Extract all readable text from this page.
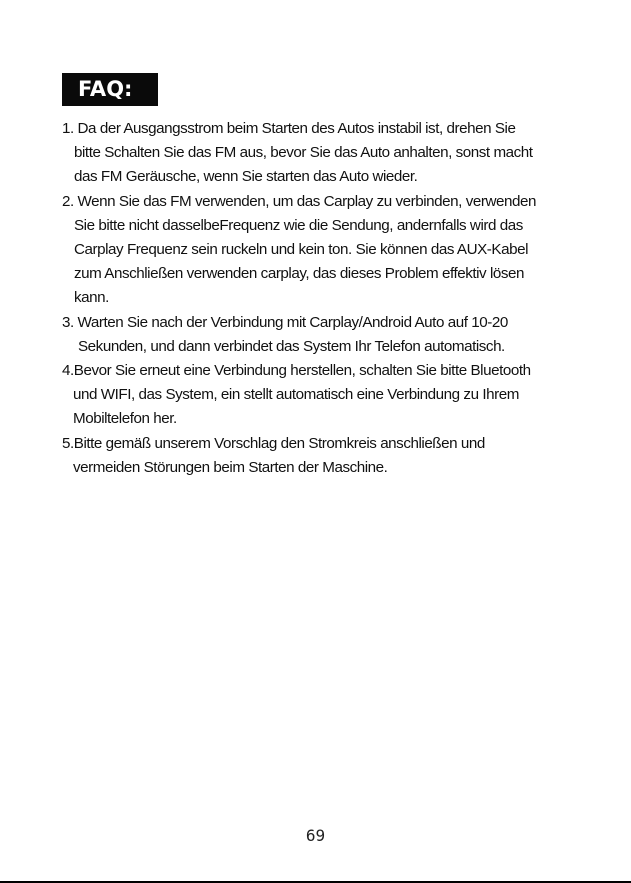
FAQ:
1. Da der Ausgangsstrom beim Starten des Autos instabil ist, drehen Sie
bitte Schalten Sie das FM aus, bevor Sie das Auto anhalten, sonst macht
das FM Geräusche, wenn Sie starten das Auto wieder.
2. Wenn Sie das FM verwenden, um das Carplay zu verbinden, verwenden
Sie bitte nicht dasselbeFrequenz wie die Sendung, andernfalls wird das
Carplay Frequenz sein ruckeln und kein ton. Sie können das AUX-Kabel
zum Anschließen verwenden carplay, das dieses Problem effektiv lösen
kann.
3. Warten Sie nach der Verbindung mit Carplay/Android Auto auf 10-20
Sekunden, und dann verbindet das System Ihr Telefon automatisch.
4.Bevor Sie erneut eine Verbindung herstellen, schalten Sie bitte Bluetooth
und WIFI, das System, ein stellt automatisch eine Verbindung zu Ihrem
Mobiltelefon her.
5.Bitte gemäß unserem Vorschlag den Stromkreis anschließen und
vermeiden Störungen beim Starten der Maschine.
69
